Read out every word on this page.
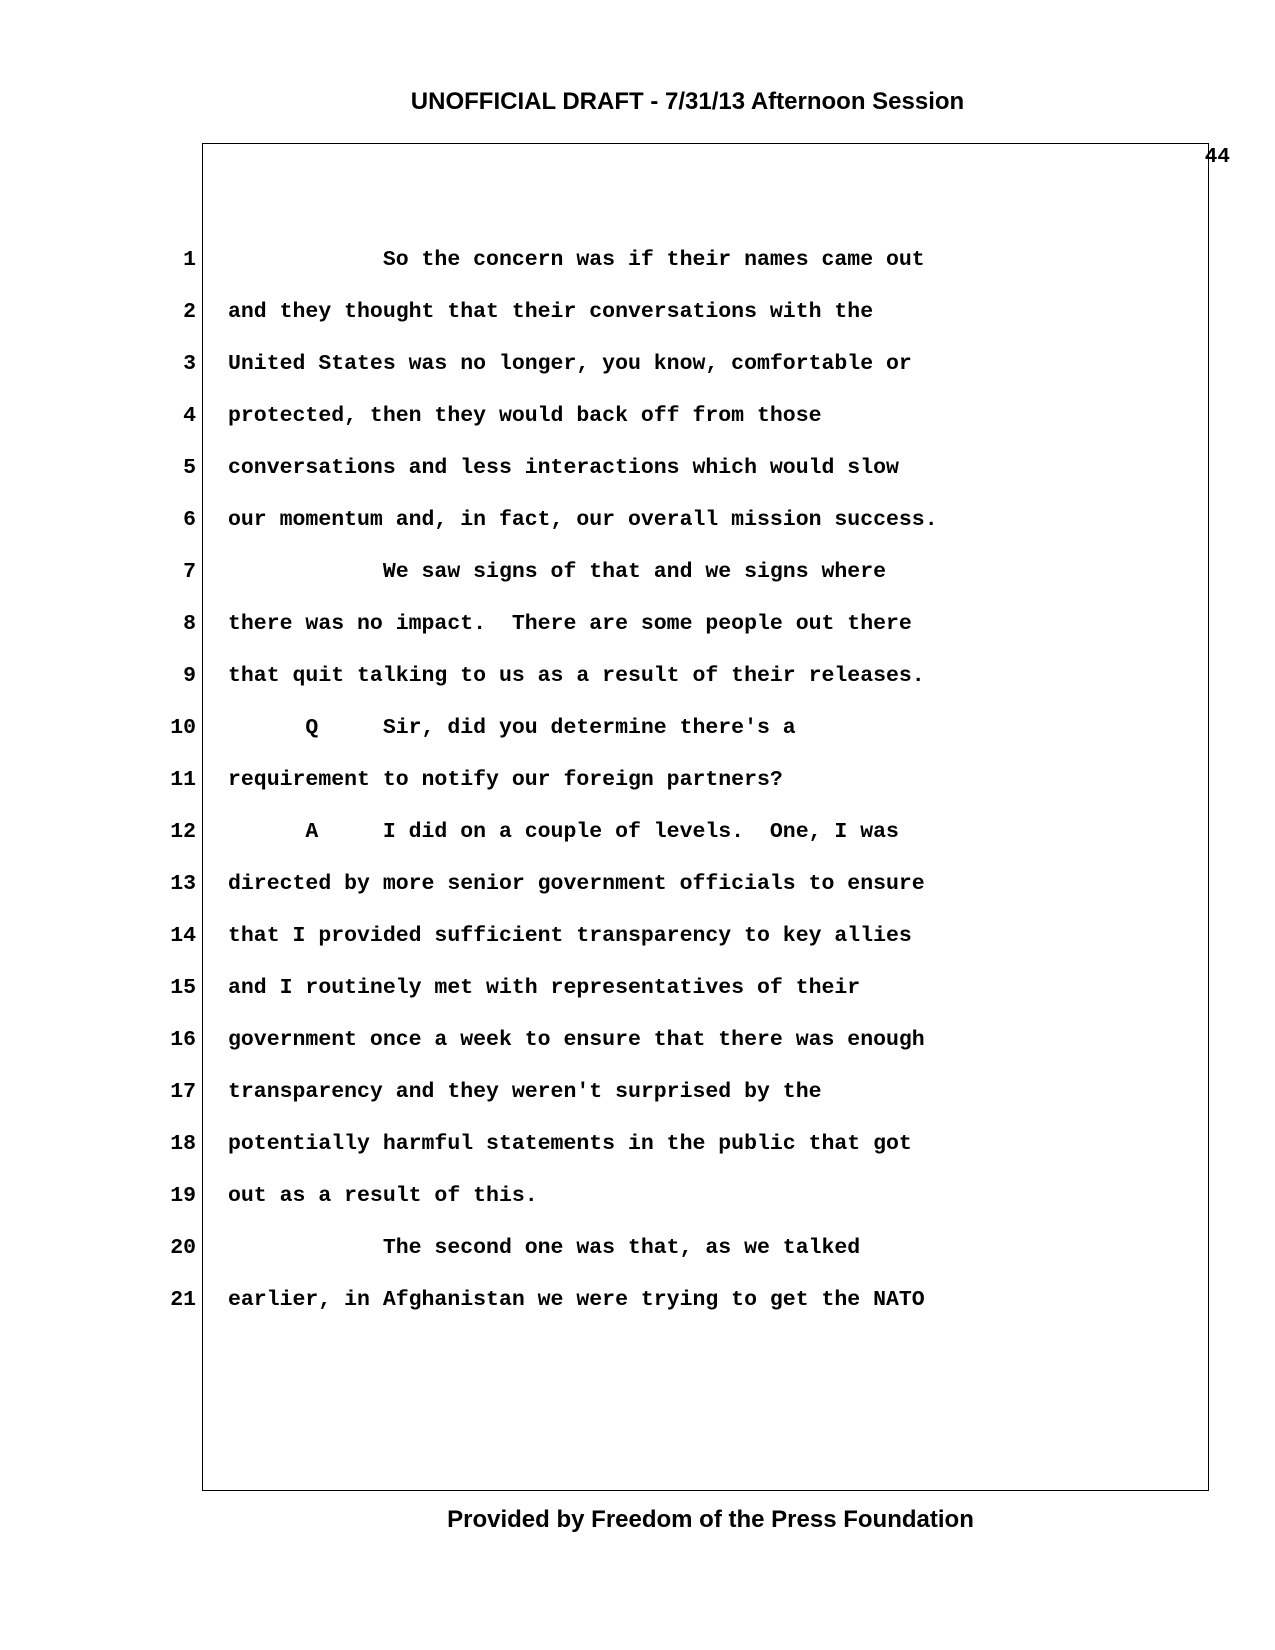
UNOFFICIAL DRAFT - 7/31/13 Afternoon Session
44
1 So the concern was if their names came out
2 and they thought that their conversations with the
3 United States was no longer, you know, comfortable or
4 protected, then they would back off from those
5 conversations and less interactions which would slow
6 our momentum and, in fact, our overall mission success.
7 We saw signs of that and we signs where
8 there was no impact.  There are some people out there
9 that quit talking to us as a result of their releases.
10 Q     Sir, did you determine there's a
11 requirement to notify our foreign partners?
12 A     I did on a couple of levels.  One, I was
13 directed by more senior government officials to ensure
14 that I provided sufficient transparency to key allies
15 and I routinely met with representatives of their
16 government once a week to ensure that there was enough
17 transparency and they weren't surprised by the
18 potentially harmful statements in the public that got
19 out as a result of this.
20 The second one was that, as we talked
21 earlier, in Afghanistan we were trying to get the NATO
Provided by Freedom of the Press Foundation
